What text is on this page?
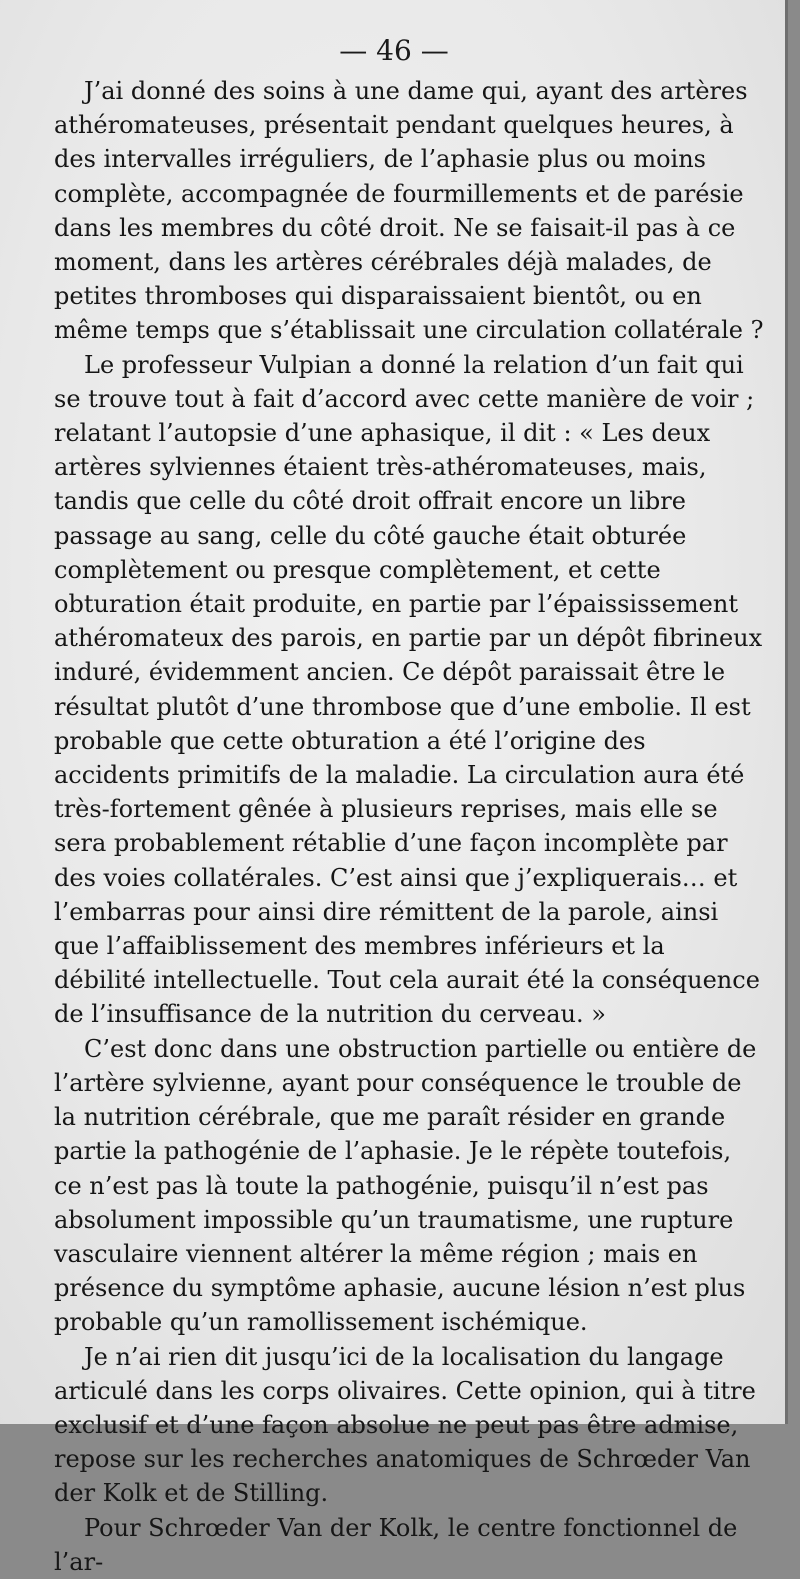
— 46 —

J’ai donné des soins à une dame qui, ayant des artères athéromateuses, présentait pendant quelques heures, à des intervalles irréguliers, de l’aphasie plus ou moins complète, accompagnée de fourmillements et de parésie dans les membres du côté droit. Ne se faisait-il pas à ce moment, dans les artères cérébrales déjà malades, de petites thromboses qui disparaissaient bientôt, ou en même temps que s’établissait une circulation collatérale ?

Le professeur Vulpian a donné la relation d’un fait qui se trouve tout à fait d’accord avec cette manière de voir ; relatant l’autopsie d’une aphasique, il dit : « Les deux artères sylviennes étaient très-athéromateuses, mais, tandis que celle du côté droit offrait encore un libre passage au sang, celle du côté gauche était obturée complètement ou presque complètement, et cette obturation était produite, en partie par l’épaississement athéromateux des parois, en partie par un dépôt fibrineux induré, évidemment ancien. Ce dépôt paraissait être le résultat plutôt d’une thrombose que d’une embolie. Il est probable que cette obturation a été l’origine des accidents primitifs de la maladie. La circulation aura été très-fortement gênée à plusieurs reprises, mais elle se sera probablement rétablie d’une façon incomplète par des voies collatérales. C’est ainsi que j’expliquerais… et l’embarras pour ainsi dire rémittent de la parole, ainsi que l’affaiblissement des membres inférieurs et la débilité intellectuelle. Tout cela aurait été la conséquence de l’insuffisance de la nutrition du cerveau. »

C’est donc dans une obstruction partielle ou entière de l’artère sylvienne, ayant pour conséquence le trouble de la nutrition cérébrale, que me paraît résider en grande partie la pathogénie de l’aphasie. Je le répète toutefois, ce n’est pas là toute la pathogénie, puisqu’il n’est pas absolument impossible qu’un traumatisme, une rupture vasculaire viennent altérer la même région ; mais en présence du symptôme aphasie, aucune lésion n’est plus probable qu’un ramollissement ischémique.

Je n’ai rien dit jusqu’ici de la localisation du langage articulé dans les corps olivaires. Cette opinion, qui à titre exclusif et d’une façon absolue ne peut pas être admise, repose sur les recherches anatomiques de Schrœder Van der Kolk et de Stilling.

Pour Schrœder Van der Kolk, le centre fonctionnel de l’ar-
